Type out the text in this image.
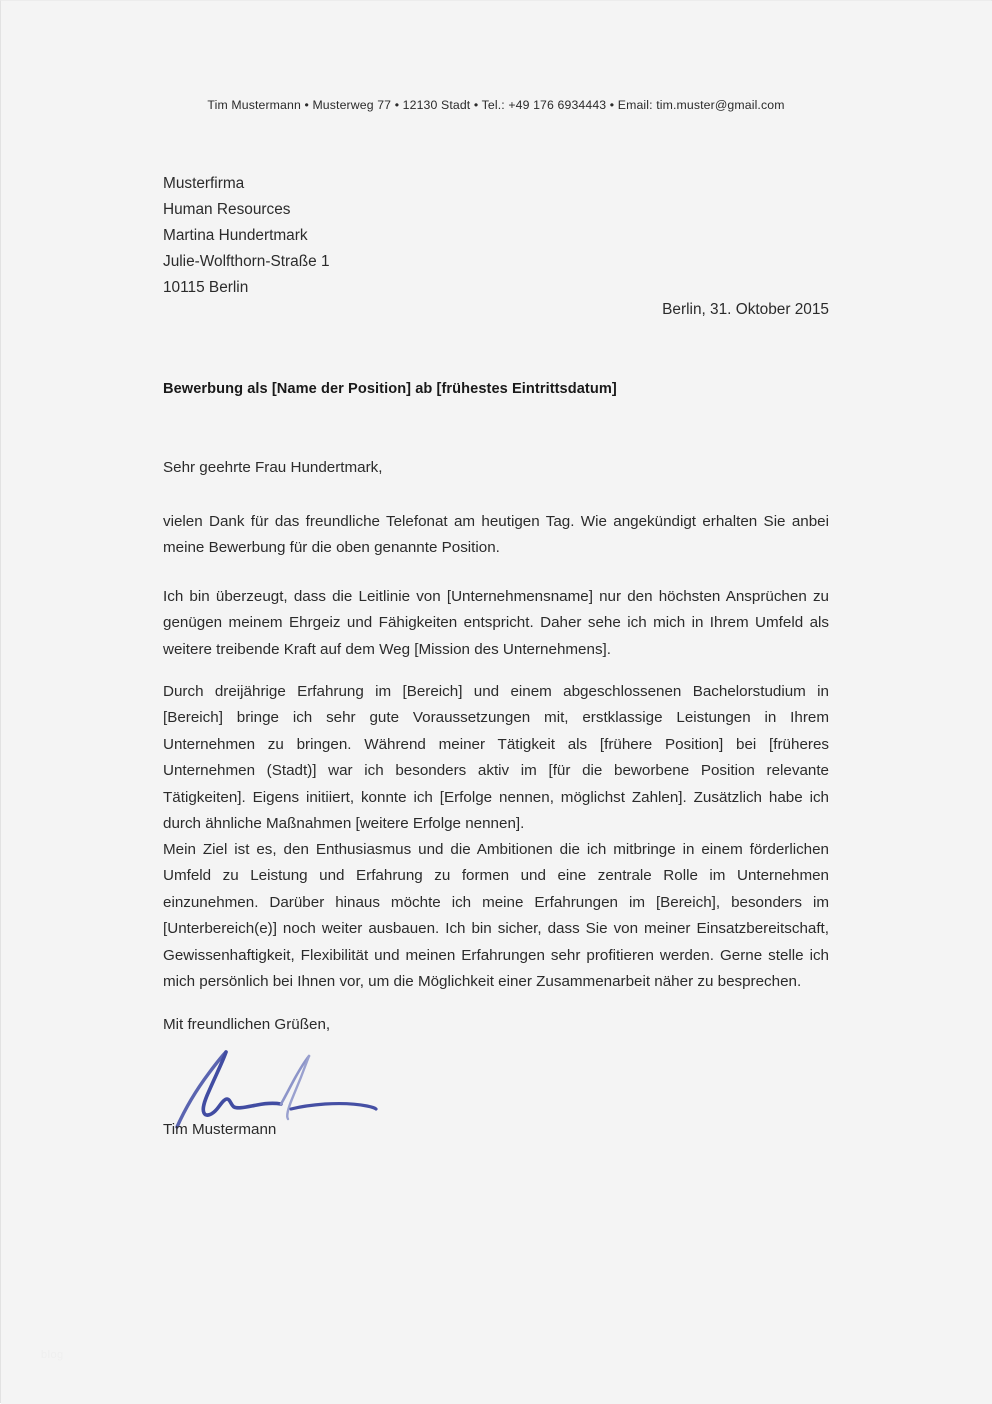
Tim Mustermann • Musterweg 77 • 12130 Stadt • Tel.: +49 176 6934443 • Email: tim.muster@gmail.com
Musterfirma
Human Resources
Martina Hundertmark
Julie-Wolfthorn-Straße 1
10115 Berlin
Berlin, 31. Oktober 2015
Bewerbung als [Name der Position] ab [frühestes Eintrittsdatum]
Sehr geehrte Frau Hundertmark,
vielen Dank für das freundliche Telefonat am heutigen Tag. Wie angekündigt erhalten Sie anbei meine Bewerbung für die oben genannte Position.
Ich bin überzeugt, dass die Leitlinie von [Unternehmensname] nur den höchsten Ansprüchen zu genügen meinem Ehrgeiz und Fähigkeiten entspricht. Daher sehe ich mich in Ihrem Umfeld als weitere treibende Kraft auf dem Weg [Mission des Unternehmens].
Durch dreijährige Erfahrung im [Bereich] und einem abgeschlossenen Bachelorstudium in [Bereich] bringe ich sehr gute Voraussetzungen mit, erstklassige Leistungen in Ihrem Unternehmen zu bringen. Während meiner Tätigkeit als [frühere Position] bei [früheres Unternehmen (Stadt)] war ich besonders aktiv im [für die beworbene Position relevante Tätigkeiten]. Eigens initiiert, konnte ich [Erfolge nennen, möglichst Zahlen]. Zusätzlich habe ich durch ähnliche Maßnahmen [weitere Erfolge nennen].
Mein Ziel ist es, den Enthusiasmus und die Ambitionen die ich mitbringe in einem förderlichen Umfeld zu Leistung und Erfahrung zu formen und eine zentrale Rolle im Unternehmen einzunehmen. Darüber hinaus möchte ich meine Erfahrungen im [Bereich], besonders im [Unterbereich(e)] noch weiter ausbauen. Ich bin sicher, dass Sie von meiner Einsatzbereitschaft, Gewissenhaftigkeit, Flexibilität und meinen Erfahrungen sehr profitieren werden. Gerne stelle ich mich persönlich bei Ihnen vor, um die Möglichkeit einer Zusammenarbeit näher zu besprechen.
Mit freundlichen Grüßen,
Tim Mustermann
blog
